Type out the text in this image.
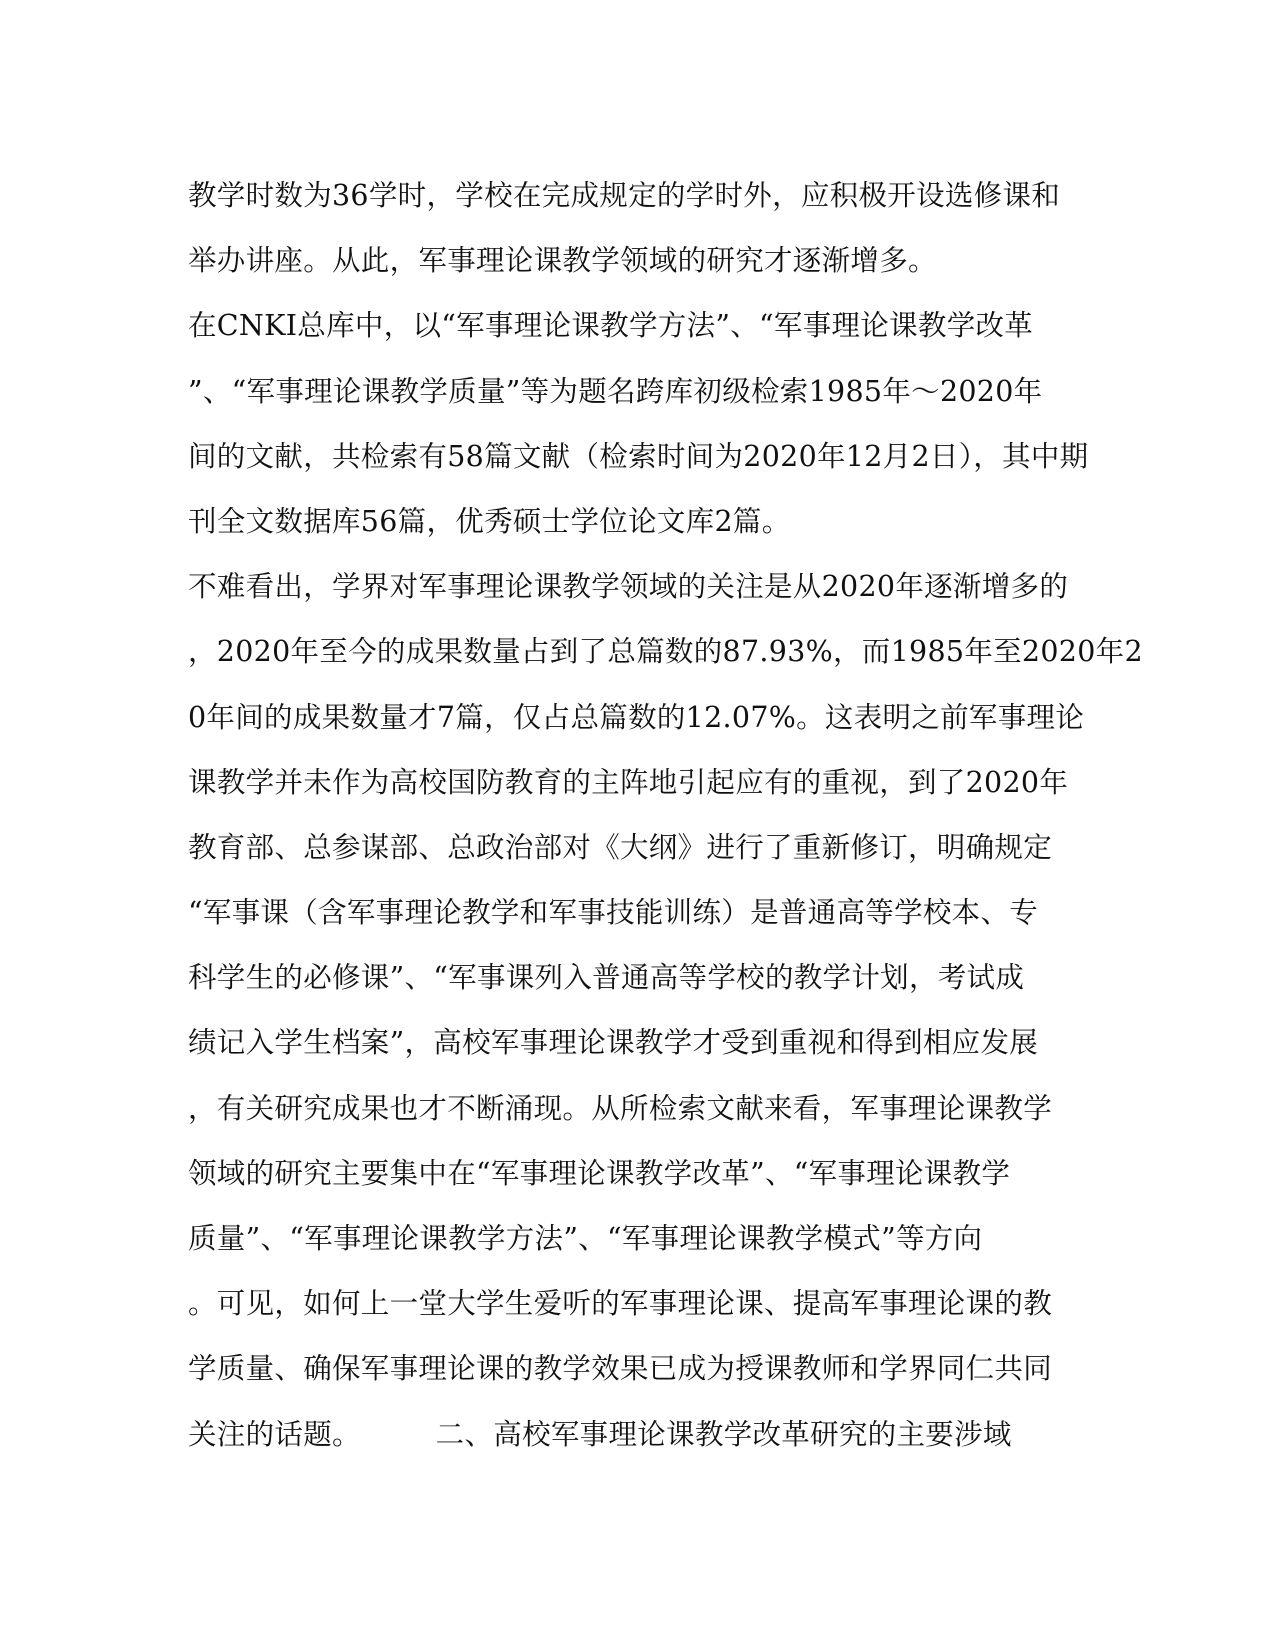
教学时数为36学时，学校在完成规定的学时外，应积极开设选修课和
举办讲座。从此，军事理论课教学领域的研究才逐渐增多。
在CNKI总库中，以“军事理论课教学方法”、“军事理论课教学改革
”、“军事理论课教学质量”等为题名跨库初级检索1985年～2020年
间的文献，共检索有58篇文献（检索时间为2020年12月2日），其中期
刊全文数据库56篇，优秀硕士学位论文库2篇。
不难看出，学界对军事理论课教学领域的关注是从2020年逐渐增多的
，2020年至今的成果数量占到了总篇数的87.93%，而1985年至2020年2
0年间的成果数量才7篇，仅占总篇数的12.07%。这表明之前军事理论
课教学并未作为高校国防教育的主阵地引起应有的重视，到了2020年
教育部、总参谋部、总政治部对《大纲》进行了重新修订，明确规定
“军事课（含军事理论教学和军事技能训练）是普通高等学校本、专
科学生的必修课”、“军事课列入普通高等学校的教学计划，考试成
绩记入学生档案”，高校军事理论课教学才受到重视和得到相应发展
，有关研究成果也才不断涌现。从所检索文献来看，军事理论课教学
领域的研究主要集中在“军事理论课教学改革”、“军事理论课教学
质量”、“军事理论课教学方法”、“军事理论课教学模式”等方向
。可见，如何上一堂大学生爱听的军事理论课、提高军事理论课的教
学质量、确保军事理论课的教学效果已成为授课教师和学界同仁共同
关注的话题。        二、高校军事理论课教学改革研究的主要涉域
